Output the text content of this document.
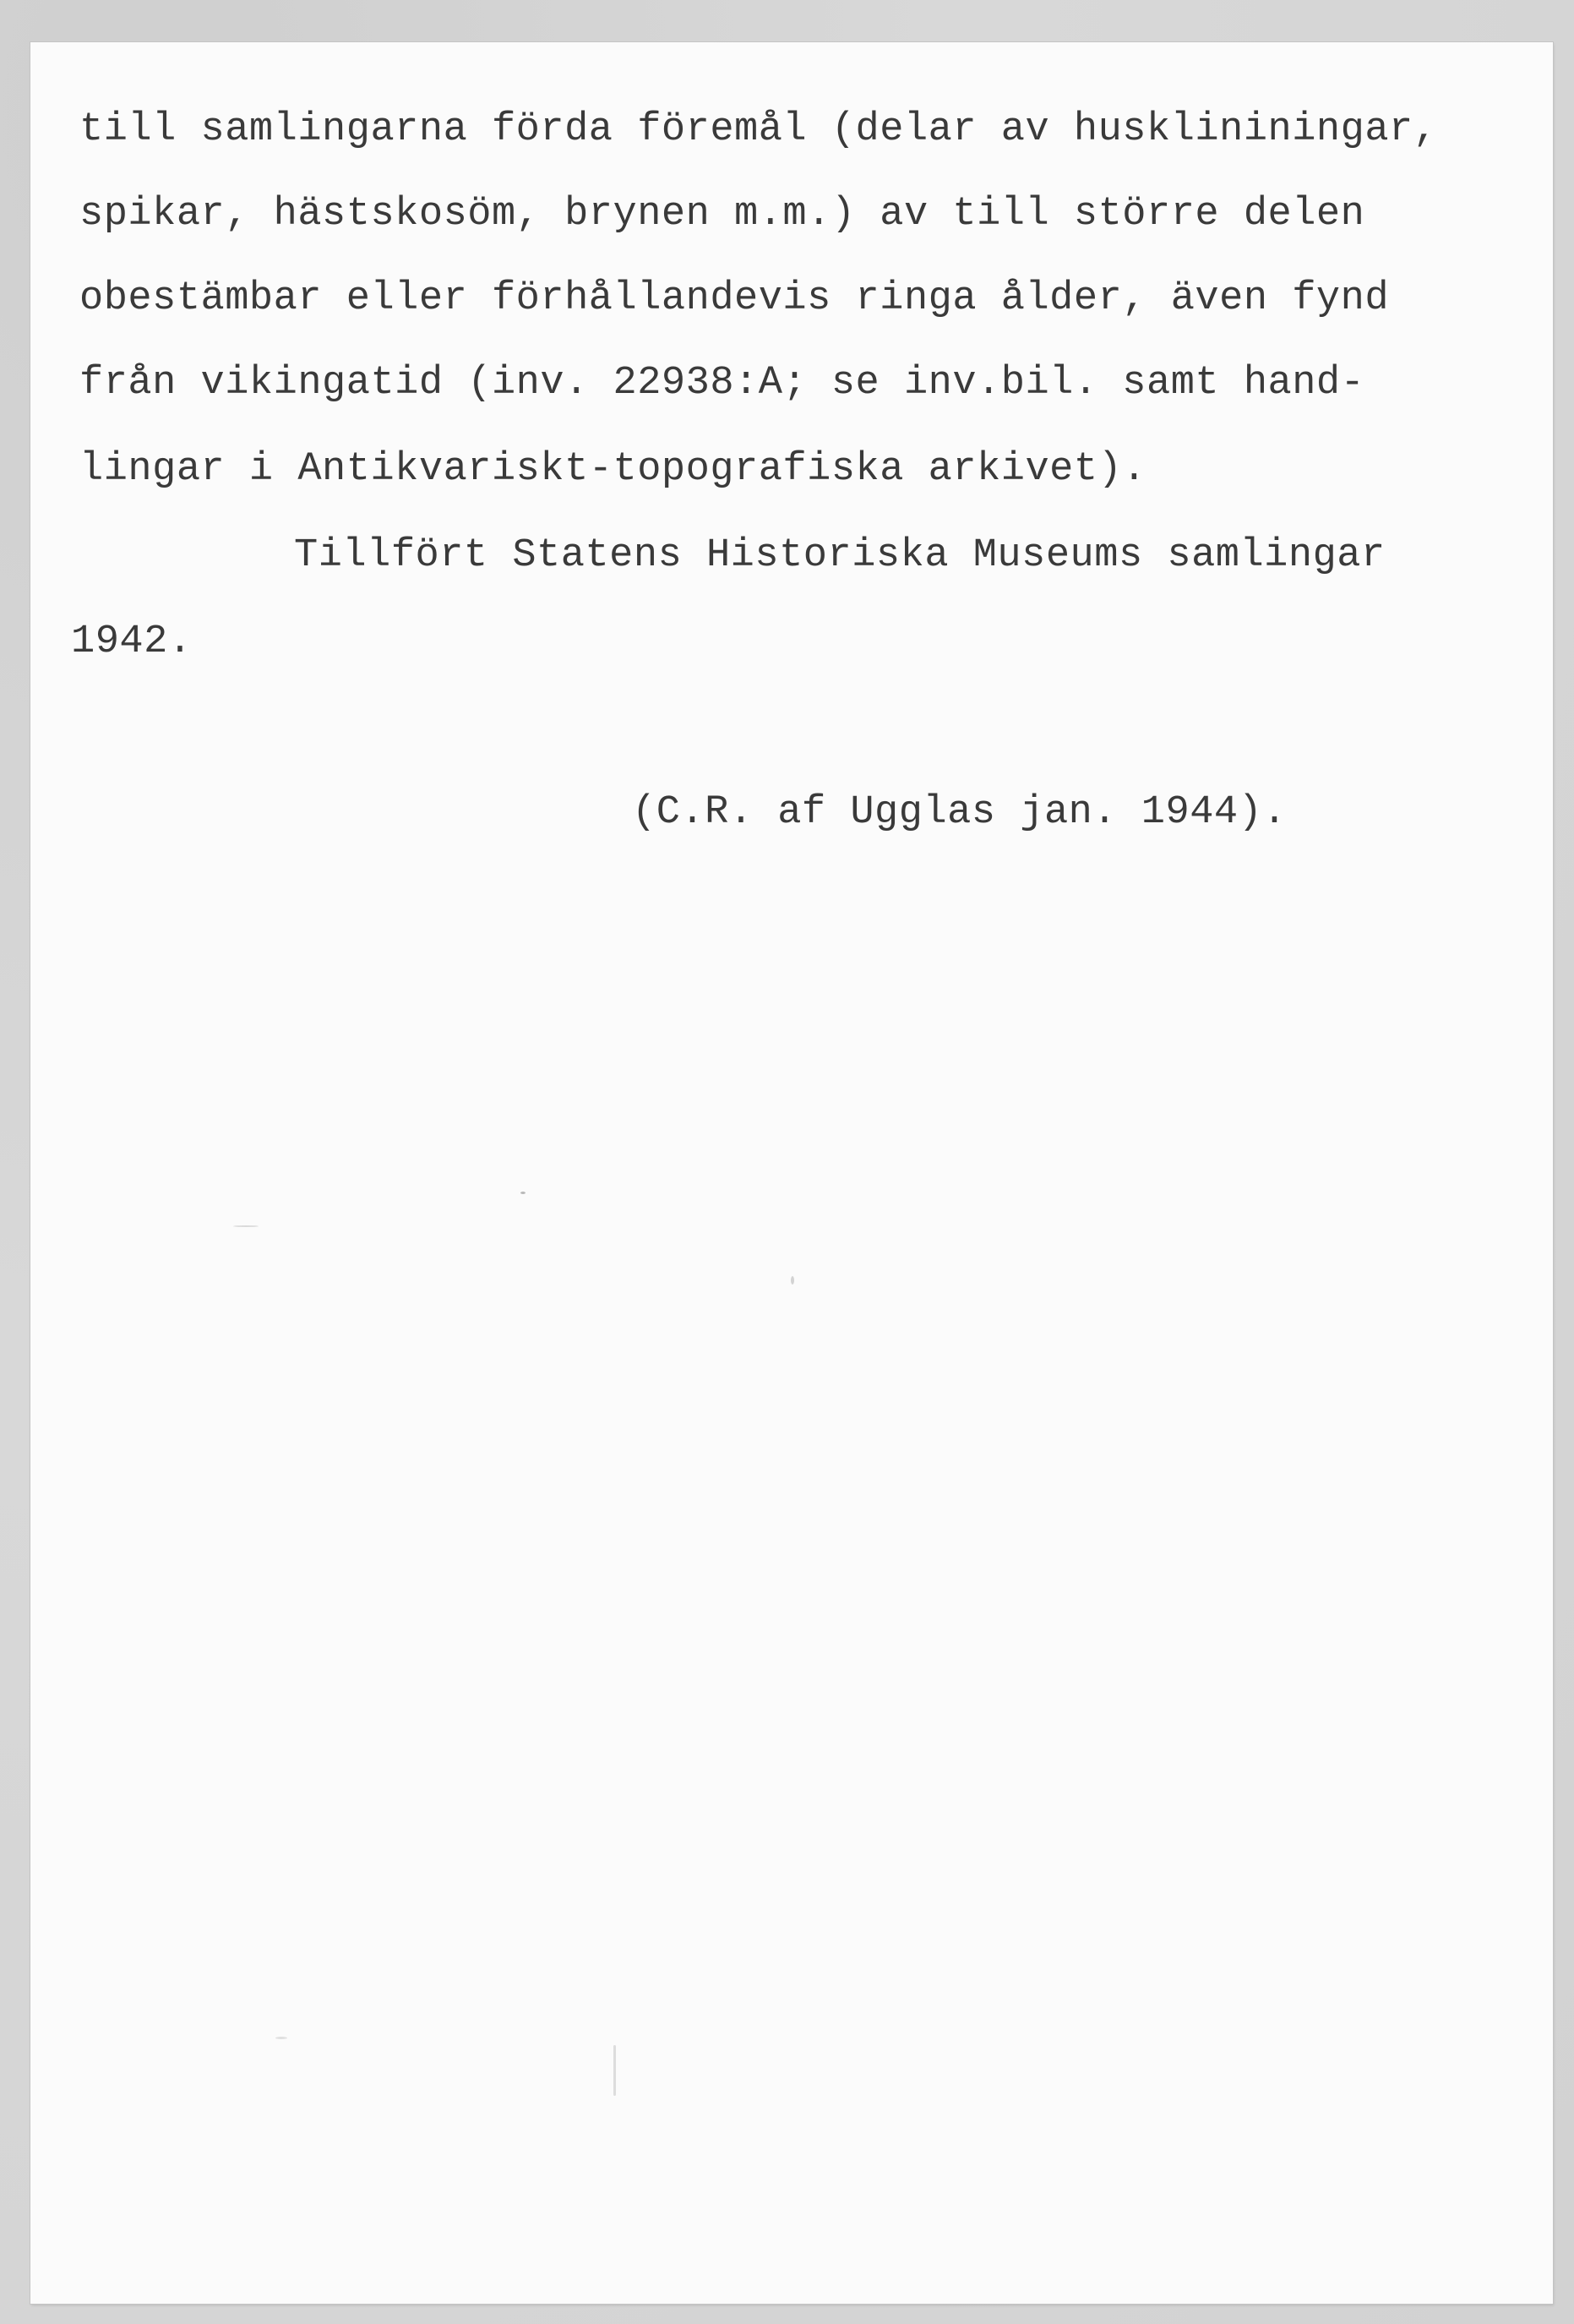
till samlingarna förda föremål (delar av husklininingar,
spikar, hästskosöm, brynen m.m.) av till större delen
obestämbar eller förhållandevis ringa ålder, även fynd
från vikingatid (inv. 22938:A; se inv.bil. samt hand-
lingar i Antikvariskt-topografiska arkivet).
Tillfört Statens Historiska Museums samlingar
1942.
(C.R. af Ugglas jan. 1944).
